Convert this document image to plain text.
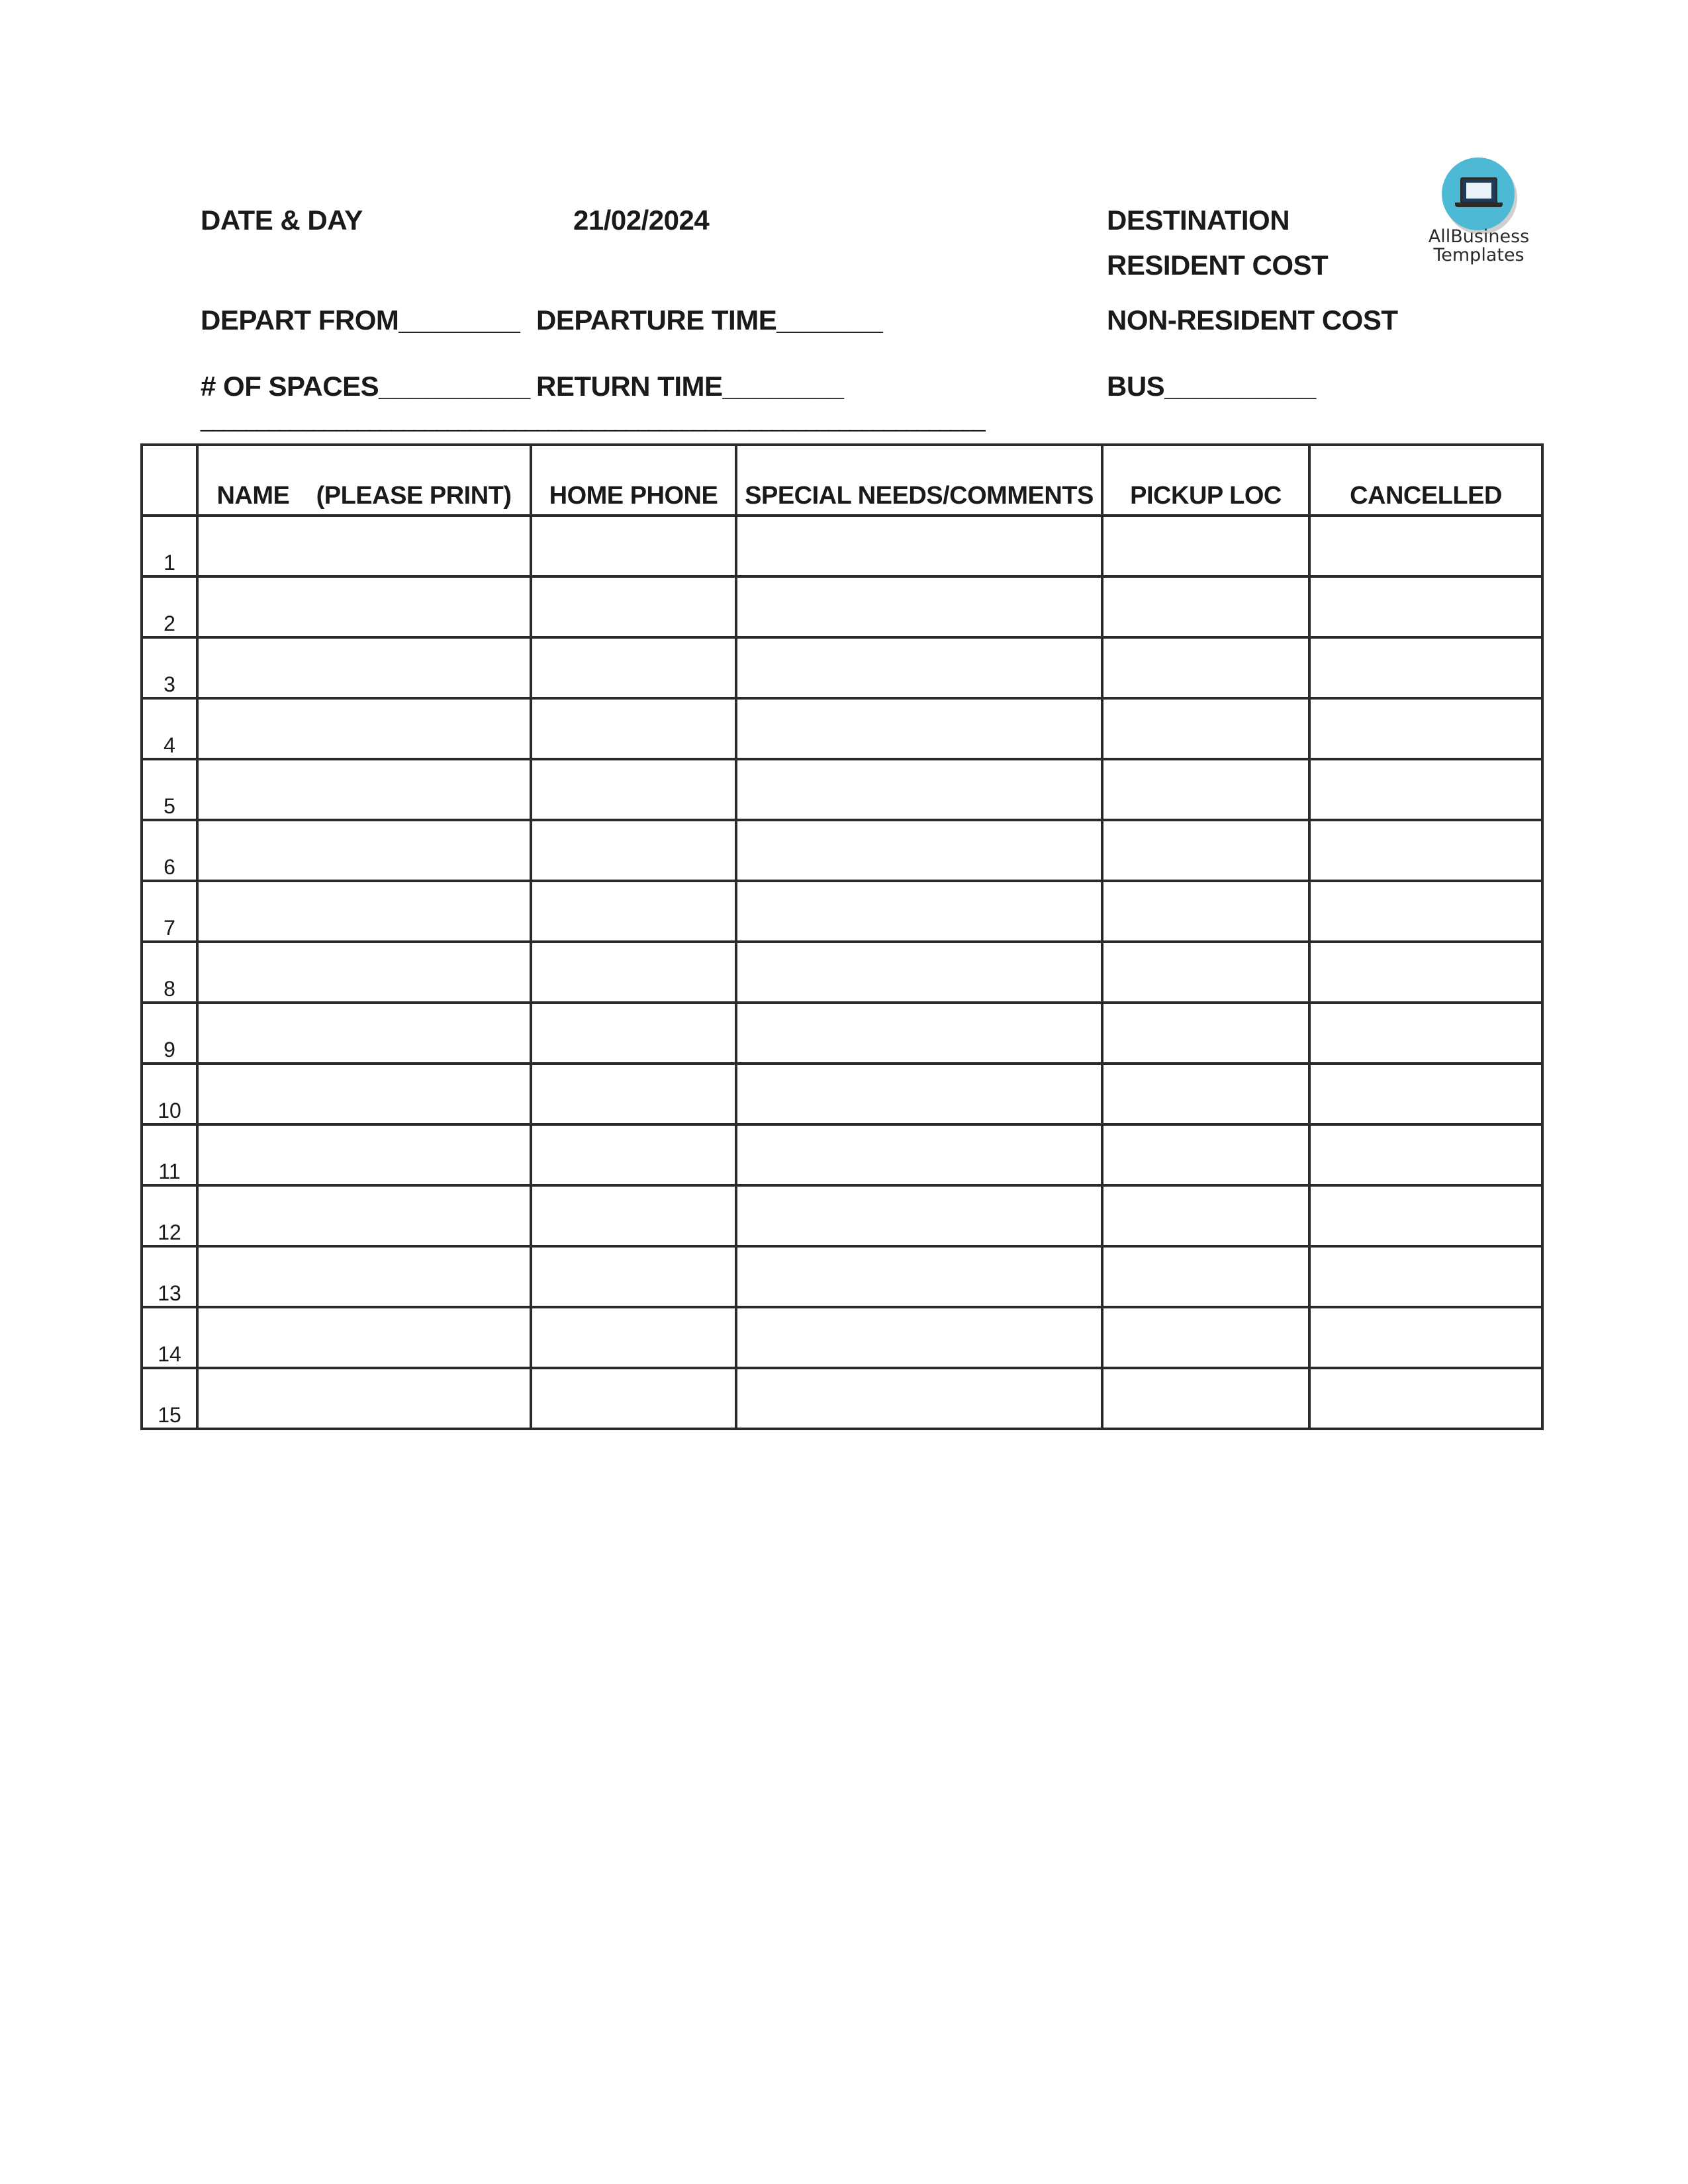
DATE & DAY	21/02/2024	DESTINATION
RESIDENT COST
DEPART FROM________ DEPARTURE TIME_______	NON-RESIDENT COST
# OF SPACES__________ RETURN TIME________	BUS__________
______________________________________________________________________
AllBusiness
Templates
	NAME    (PLEASE PRINT)	HOME PHONE	SPECIAL NEEDS/COMMENTS	PICKUP LOC	CANCELLED
1					
2					
3					
4					
5					
6					
7					
8					
9					
10					
11					
12					
13					
14					
15					
